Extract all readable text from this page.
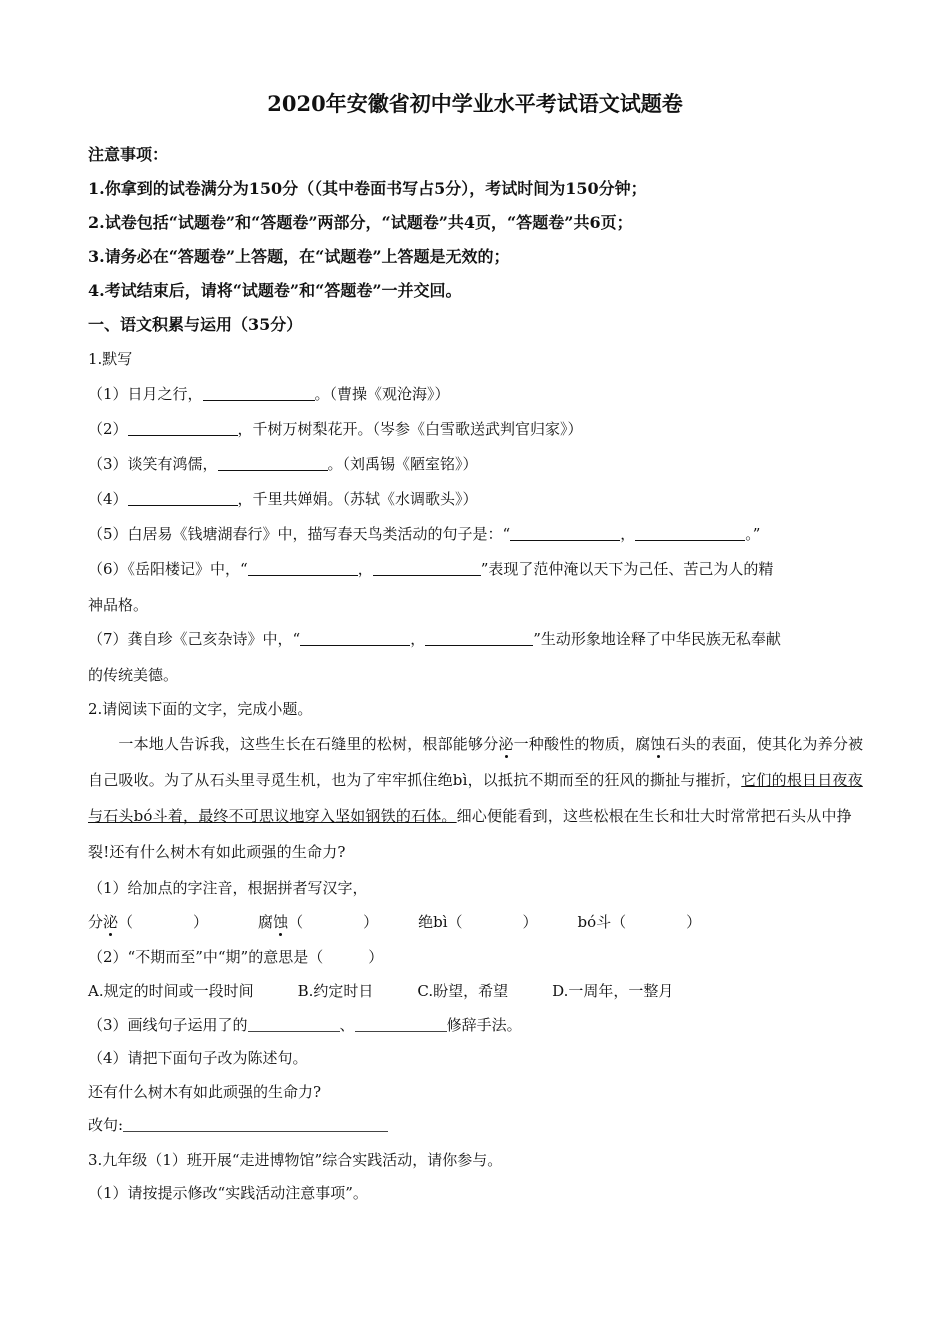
2020年安徽省初中学业水平考试语文试题卷
注意事项：
1.你拿到的试卷满分为150分（（其中卷面书写占5分），考试时间为150分钟；
2.试卷包括“试题卷”和“答题卷”两部分，“试题卷”共4页，“答题卷”共6页；
3.请务必在“答题卷”上答题，在“试题卷”上答题是无效的；
4.考试结束后，请将“试题卷”和“答题卷”一并交回。
一、语文积累与运用（35分）
1.默写
（1）日月之行，	。（曹操《观沧海》）
（2）	，千树万树梨花开。（岑参《白雪歌送武判官归家》）
（3）谈笑有鸿儒，	。（刘禹锡《陋室铭》）
（4）	，千里共婵娟。（苏轼《水调歌头》）
（5）白居易《钱塘湖春行》中，描写春天鸟类活动的句子是：“	，	。”
（6）《岳阳楼记》中，“	，	”表现了范仲淹以天下为己任、苦己为人的精
神品格。
（7）龚自珍《己亥杂诗》中，“	，	”生动形象地诠释了中华民族无私奉献
的传统美德。
2.请阅读下面的文字，完成小题。
　　一本地人告诉我，这些生长在石缝里的松树，根部能够分泌一种酸性的物质，腐蚀石头的表面，使其化为养分被自己吸收。为了从石头里寻觅生机，也为了牢牢抓住绝bì，以抵抗不期而至的狂风的撕扯与摧折，它们的根日日夜夜与石头bó斗着，最终不可思议地穿入坚如钢铁的石体。细心便能看到，这些松根在生长和壮大时常常把石头从中挣裂!还有什么树木有如此顽强的生命力?
（1）给加点的字注音，根据拼者写汉字，
分泌（　　　　）	腐蚀（　　　　）	绝bì（　　　　）	bó斗（　　　　）
（2）“不期而至”中“期”的意思是（　　　）
A.规定的时间或一段时间	B.约定时日	C.盼望，希望	D.一周年，一整月
（3）画线句子运用了的	、	修辞手法。
（4）请把下面句子改为陈述句。
还有什么树木有如此顽强的生命力?
改句:
3.九年级（1）班开展“走进博物馆”综合实践活动，请你参与。
（1）请按提示修改“实践活动注意事项”。
